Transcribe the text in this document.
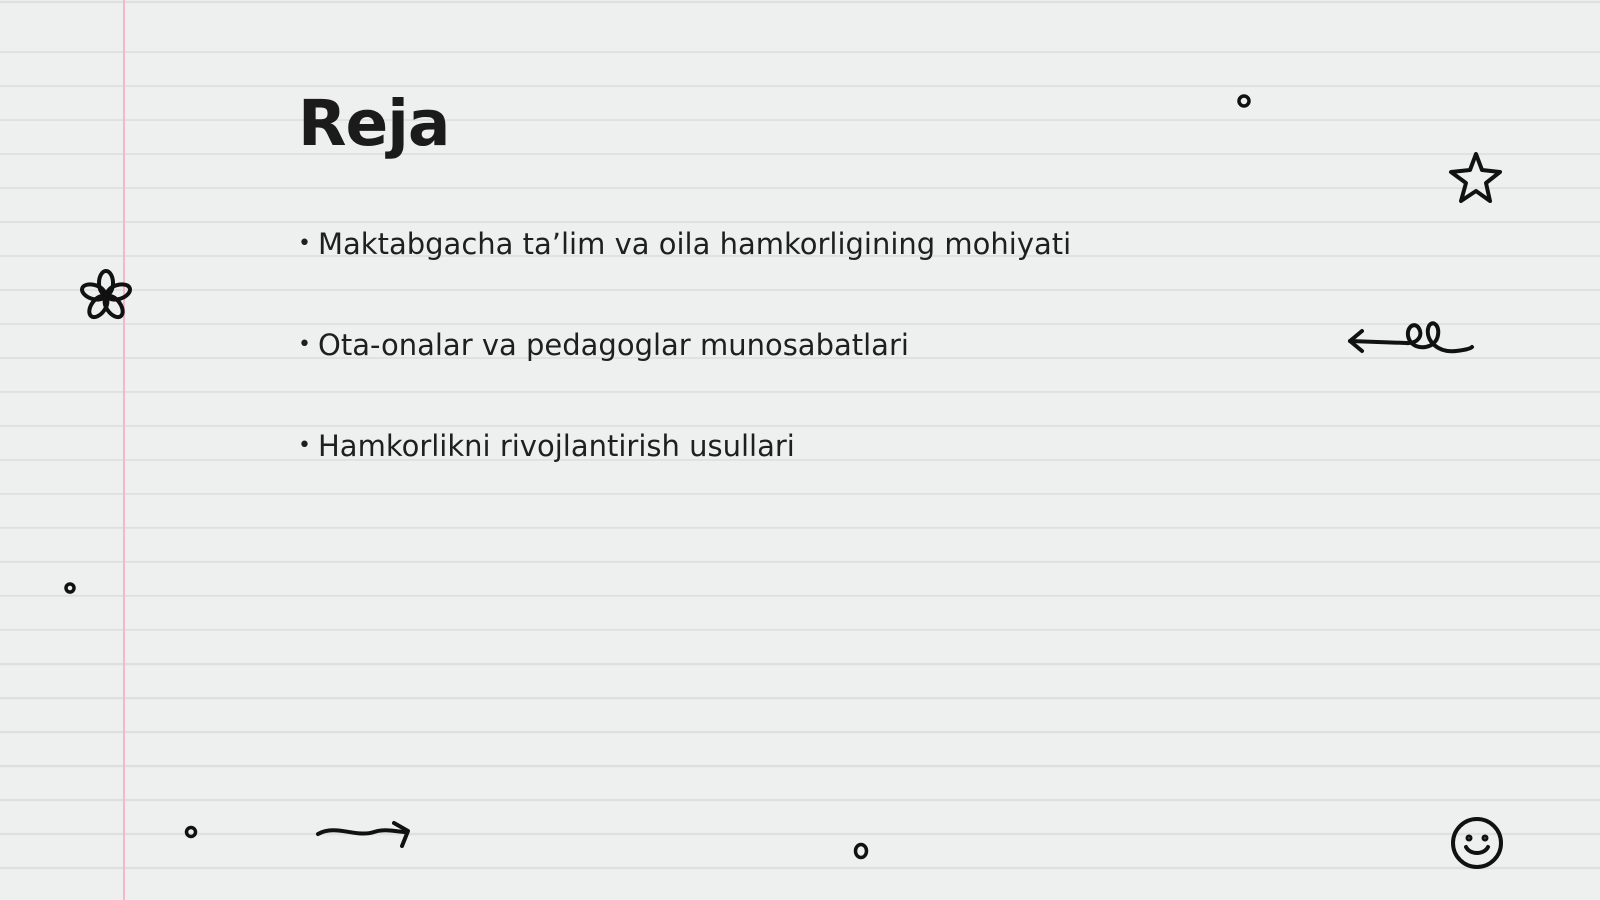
Reja
• Maktabgacha ta’lim va oila hamkorligining mohiyati
• Ota-onalar va pedagoglar munosabatlari
• Hamkorlikni rivojlantirish usullari
